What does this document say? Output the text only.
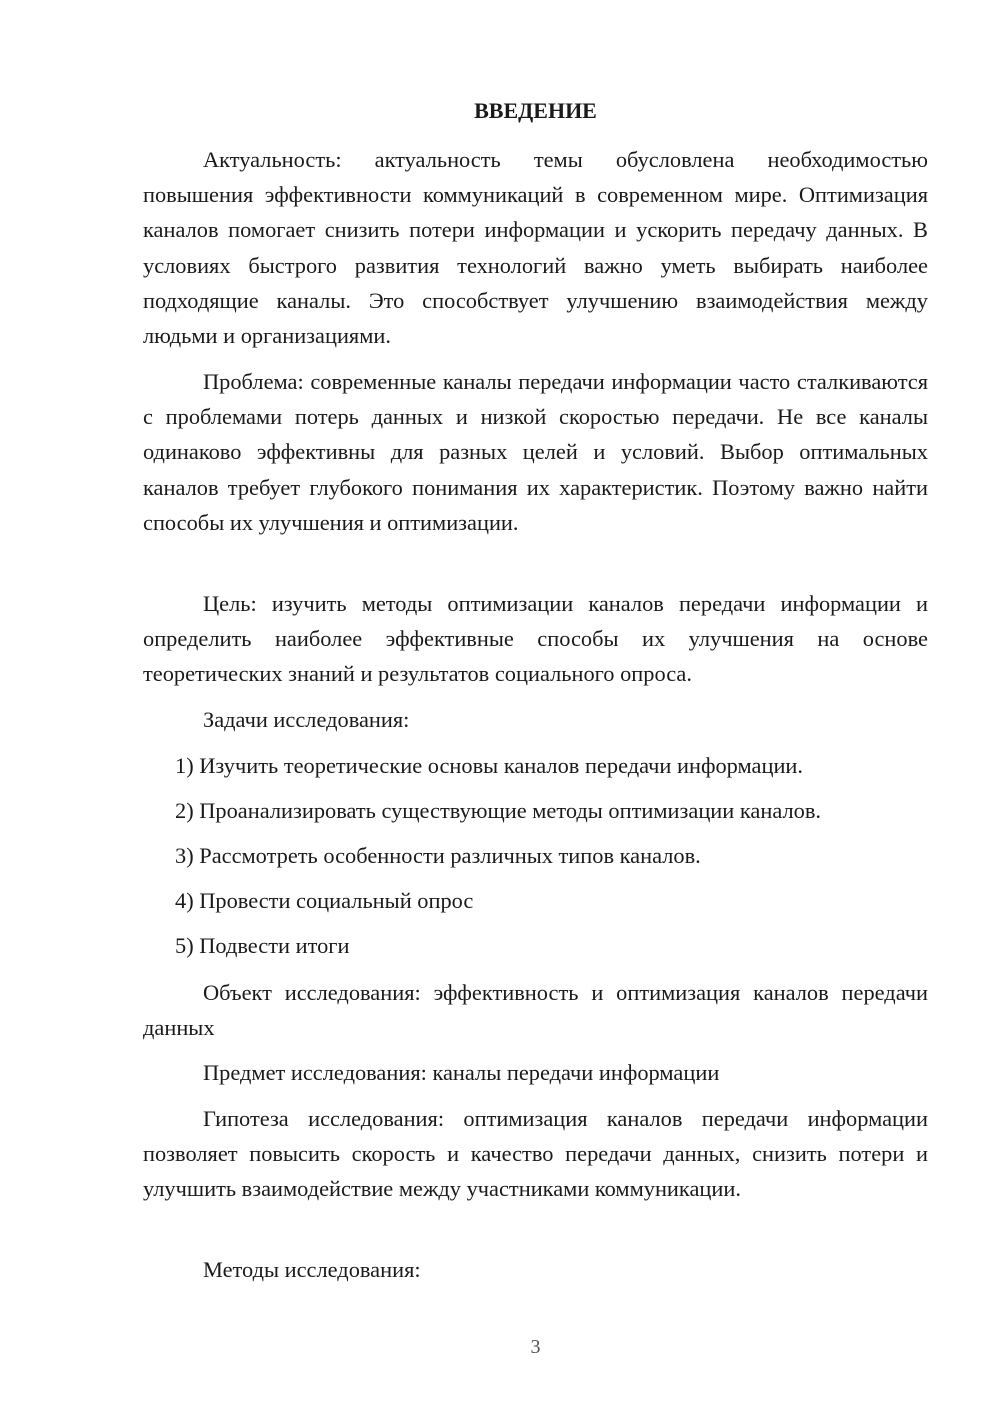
ВВЕДЕНИЕ

Актуальность: актуальность темы обусловлена необходимостью повышения эффективности коммуникаций в современном мире. Оптимизация каналов помогает снизить потери информации и ускорить передачу данных. В условиях быстрого развития технологий важно уметь выбирать наиболее подходящие каналы. Это способствует улучшению взаимодействия между людьми и организациями.

Проблема: современные каналы передачи информации часто сталкиваются с проблемами потерь данных и низкой скоростью передачи. Не все каналы одинаково эффективны для разных целей и условий. Выбор оптимальных каналов требует глубокого понимания их характеристик. Поэтому важно найти способы их улучшения и оптимизации.

Цель: изучить методы оптимизации каналов передачи информации и определить наиболее эффективные способы их улучшения на основе теоретических знаний и результатов социального опроса.

Задачи исследования:
1) Изучить теоретические основы каналов передачи информации.
2) Проанализировать существующие методы оптимизации каналов.
3) Рассмотреть особенности различных типов каналов.
4) Провести социальный опрос
5) Подвести итоги

Объект исследования: эффективность и оптимизация каналов передачи данных

Предмет исследования: каналы передачи информации

Гипотеза исследования: оптимизация каналов передачи информации позволяет повысить скорость и качество передачи данных, снизить потери и улучшить взаимодействие между участниками коммуникации.

Методы исследования:
3
